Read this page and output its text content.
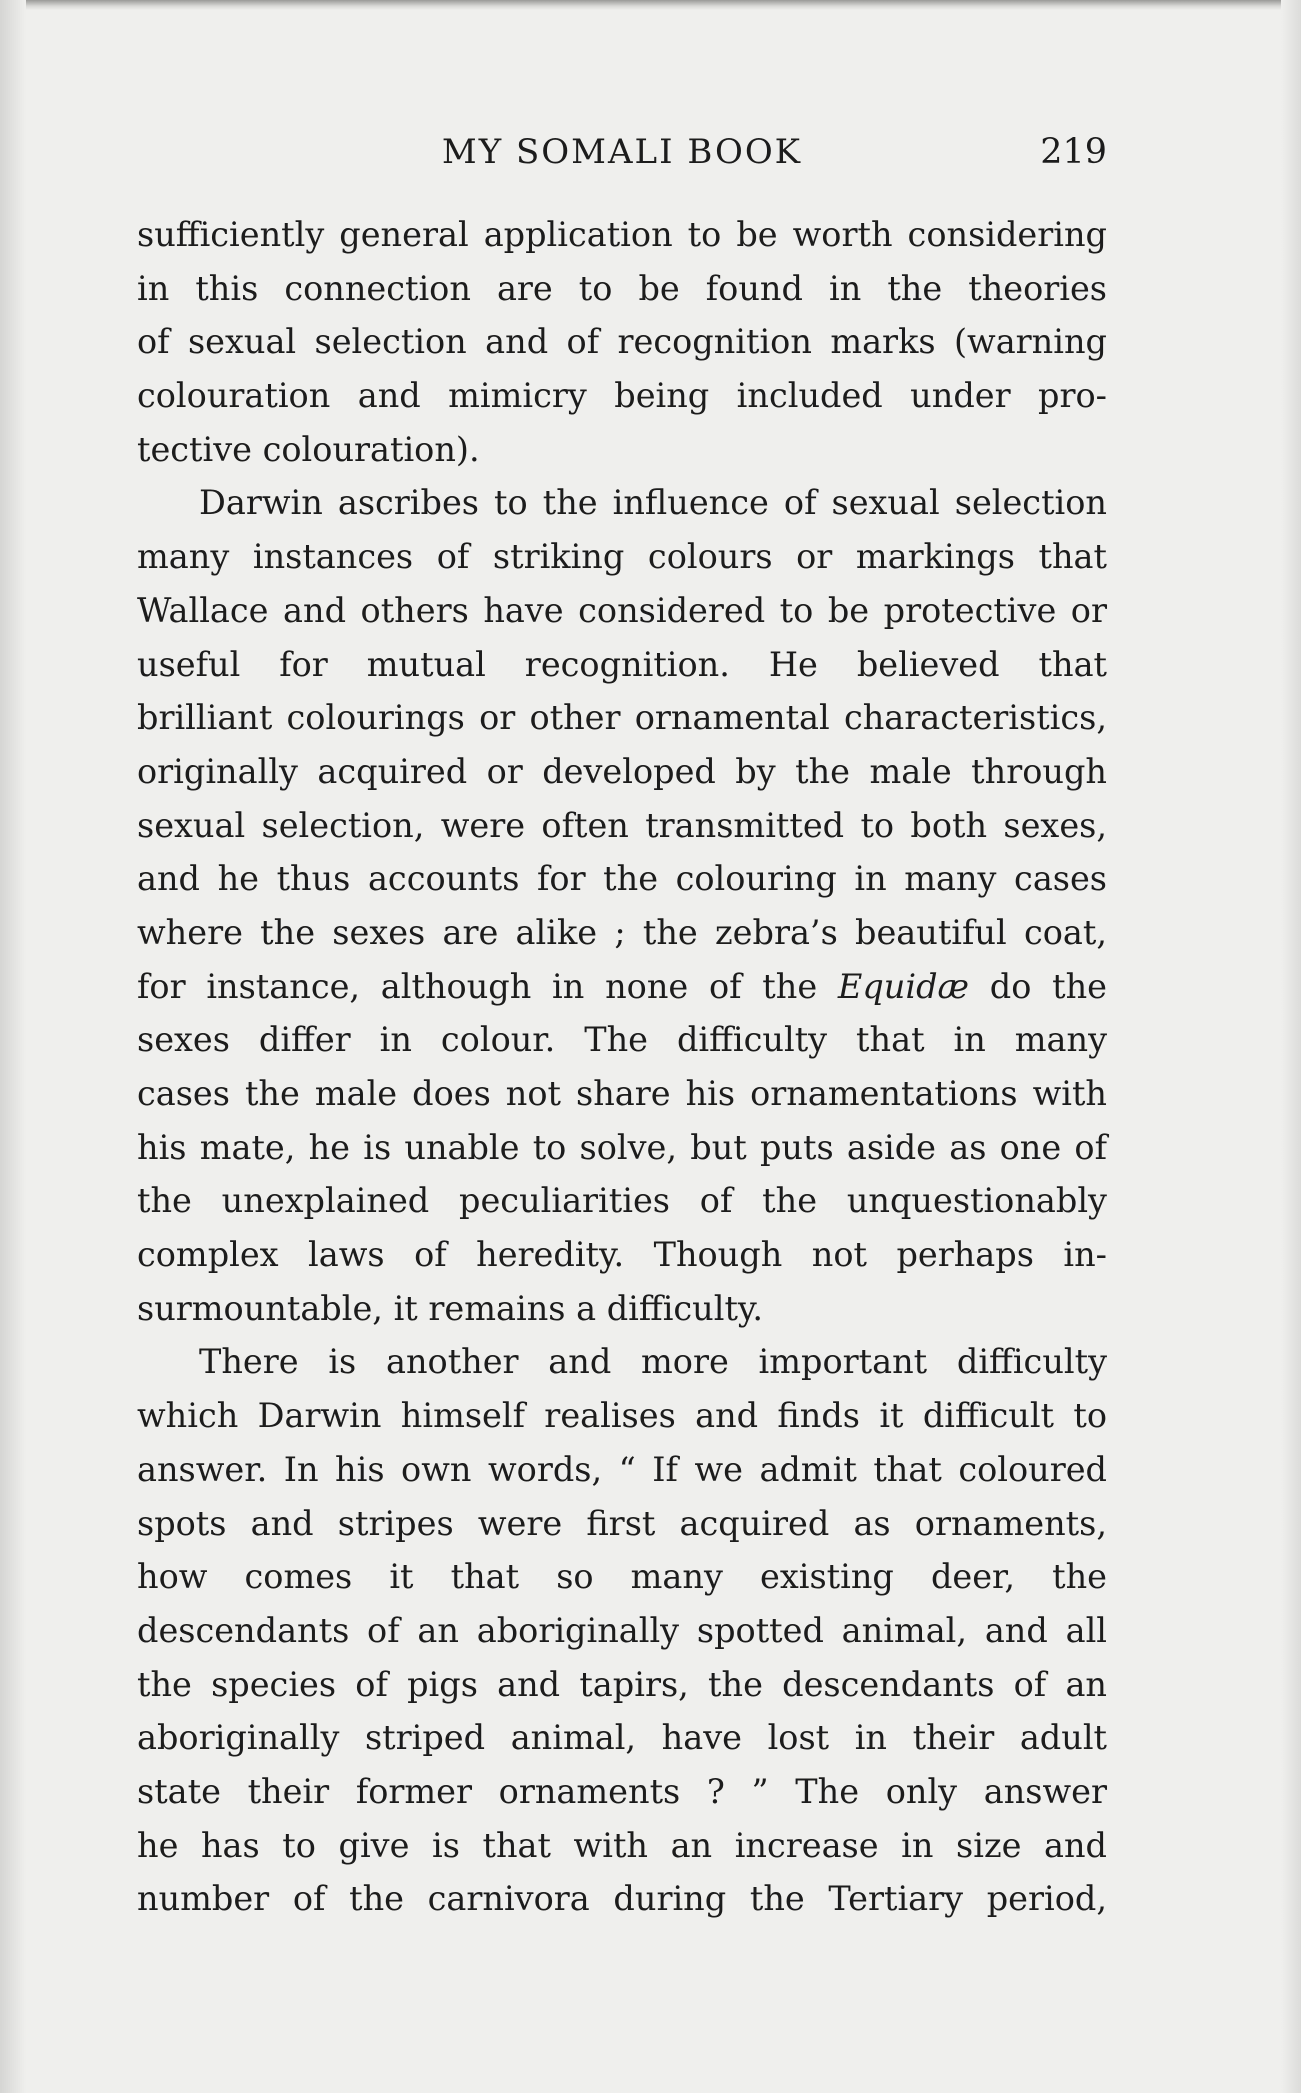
MY SOMALI BOOK	219
sufficiently general application to be worth considering
in this connection are to be found in the theories
of sexual selection and of recognition marks (warning
colouration and mimicry being included under pro-
tective colouration).
Darwin ascribes to the influence of sexual selection
many instances of striking colours or markings that
Wallace and others have considered to be protective or
useful for mutual recognition. He believed that
brilliant colourings or other ornamental characteristics,
originally acquired or developed by the male through
sexual selection, were often transmitted to both sexes,
and he thus accounts for the colouring in many cases
where the sexes are alike ; the zebra’s beautiful coat,
for instance, although in none of the Equidæ do the
sexes differ in colour. The difficulty that in many
cases the male does not share his ornamentations with
his mate, he is unable to solve, but puts aside as one of
the unexplained peculiarities of the unquestionably
complex laws of heredity. Though not perhaps in-
surmountable, it remains a difficulty.
There is another and more important difficulty
which Darwin himself realises and finds it difficult to
answer. In his own words, “ If we admit that coloured
spots and stripes were first acquired as ornaments,
how comes it that so many existing deer, the
descendants of an aboriginally spotted animal, and all
the species of pigs and tapirs, the descendants of an
aboriginally striped animal, have lost in their adult
state their former ornaments ? ” The only answer
he has to give is that with an increase in size and
number of the carnivora during the Tertiary period,
